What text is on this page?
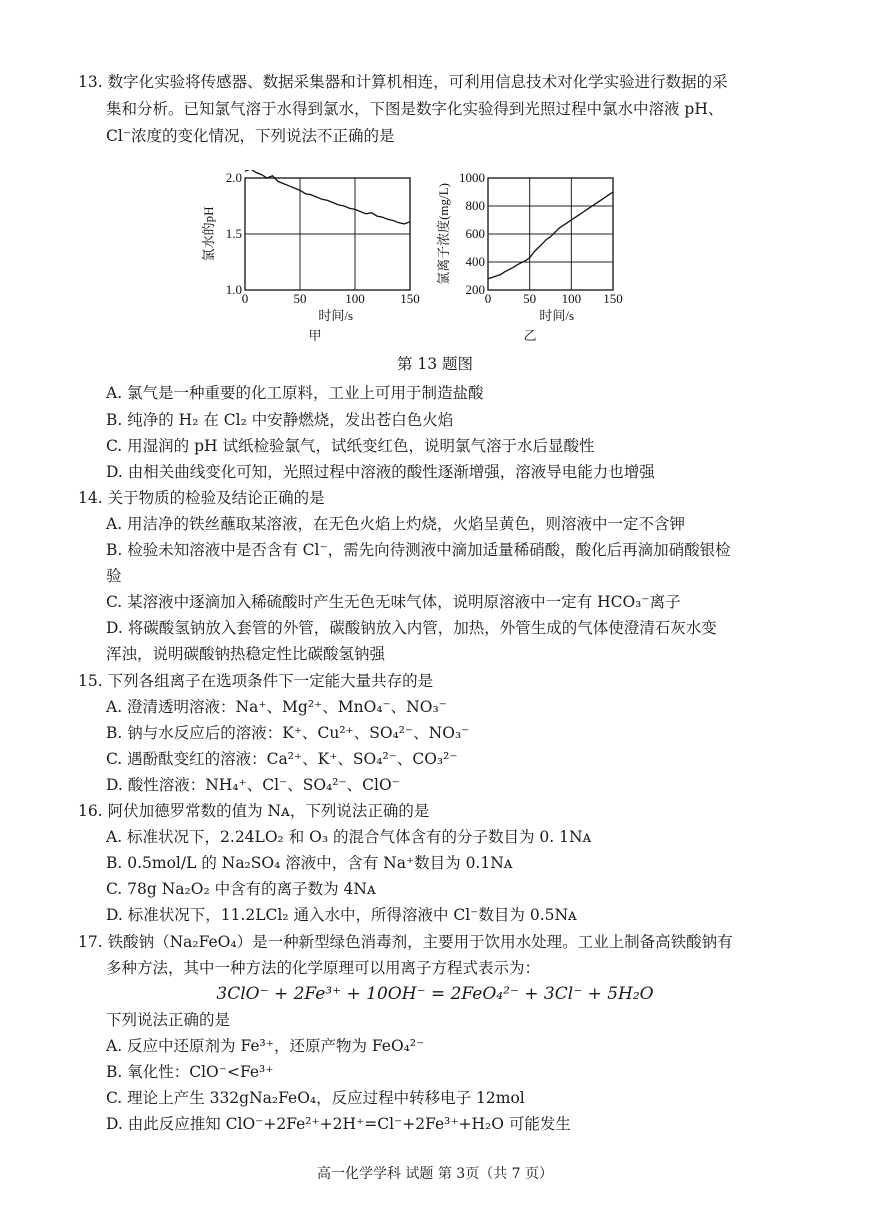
13. 数字化实验将传感器、数据采集器和计算机相连，可利用信息技术对化学实验进行数据的采
集和分析。已知氯气溶于水得到氯水，下图是数字化实验得到光照过程中氯水中溶液 pH、
Cl⁻浓度的变化情况，下列说法不正确的是
A. 氯气是一种重要的化工原料，工业上可用于制造盐酸
B. 纯净的 H₂ 在 Cl₂ 中安静燃烧，发出苍白色火焰
C. 用湿润的 pH 试纸检验氯气，试纸变红色，说明氯气溶于水后显酸性
D. 由相关曲线变化可知，光照过程中溶液的酸性逐渐增强，溶液导电能力也增强
14. 关于物质的检验及结论正确的是
A. 用洁净的铁丝蘸取某溶液，在无色火焰上灼烧，火焰呈黄色，则溶液中一定不含钾
B. 检验未知溶液中是否含有 Cl⁻，需先向待测液中滴加适量稀硝酸，酸化后再滴加硝酸银检
验
C. 某溶液中逐滴加入稀硫酸时产生无色无味气体，说明原溶液中一定有 HCO₃⁻离子
D. 将碳酸氢钠放入套管的外管，碳酸钠放入内管，加热，外管生成的气体使澄清石灰水变
浑浊，说明碳酸钠热稳定性比碳酸氢钠强
15. 下列各组离子在选项条件下一定能大量共存的是
A. 澄清透明溶液：Na⁺、Mg²⁺、MnO₄⁻、NO₃⁻
B. 钠与水反应后的溶液：K⁺、Cu²⁺、SO₄²⁻、NO₃⁻
C. 遇酚酞变红的溶液：Ca²⁺、K⁺、SO₄²⁻、CO₃²⁻
D. 酸性溶液：NH₄⁺、Cl⁻、SO₄²⁻、ClO⁻
16. 阿伏加德罗常数的值为 Nᴀ，下列说法正确的是
A. 标准状况下，2.24LO₂ 和 O₃ 的混合气体含有的分子数目为 0. 1Nᴀ
B. 0.5mol/L 的 Na₂SO₄ 溶液中，含有 Na⁺数目为 0.1Nᴀ
C. 78g Na₂O₂ 中含有的离子数为 4Nᴀ
D. 标准状况下，11.2LCl₂ 通入水中，所得溶液中 Cl⁻数目为 0.5Nᴀ
17. 铁酸钠（Na₂FeO₄）是一种新型绿色消毒剂，主要用于饮用水处理。工业上制备高铁酸钠有
多种方法，其中一种方法的化学原理可以用离子方程式表示为：
下列说法正确的是
A. 反应中还原剂为 Fe³⁺，还原产物为 FeO₄²⁻
B. 氧化性：ClO⁻<Fe³⁺
C. 理论上产生 332gNa₂FeO₄，反应过程中转移电子 12mol
D. 由此反应推知 ClO⁻+2Fe²⁺+2H⁺=Cl⁻+2Fe³⁺+H₂O 可能发生
0	50	100	150
1.0
1.5
2.0
时间/s
氯水的pH
甲
0 50 100 150
200
400
600
800
1000
时间/s
氯离子浓度(mg/L)
乙
第 13 题图
3ClO⁻ + 2Fe³⁺ + 10OH⁻ = 2FeO₄²⁻ + 3Cl⁻ + 5H₂O
高一化学学科 试题 第 3页（共 7 页）
